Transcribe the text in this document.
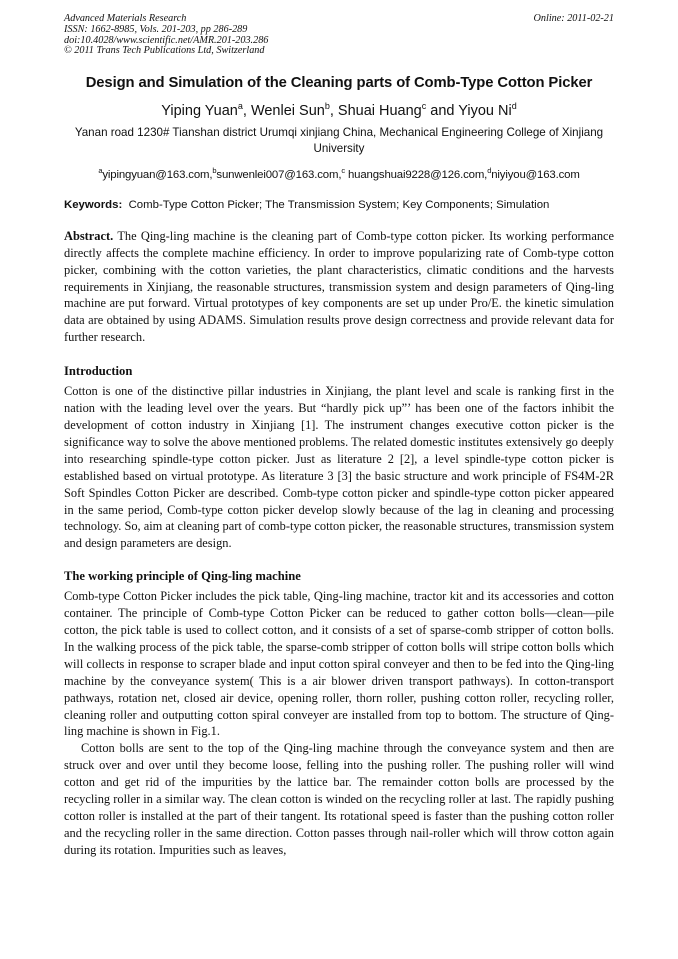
Advanced Materials Research	Online: 2011-02-21
ISSN: 1662-8985, Vols. 201-203, pp 286-289
doi:10.4028/www.scientific.net/AMR.201-203.286
© 2011 Trans Tech Publications Ltd, Switzerland
Design and Simulation of the Cleaning parts of Comb-Type Cotton Picker
Yiping Yuan$^a$, Wenlei Sun$^b$, Shuai Huang$^c$ and Yiyou Ni$^d$
Yanan road 1230# Tianshan district Urumqi xinjiang China, Mechanical Engineering College of Xinjiang University
$^a$yipingyuan@163.com,$^b$sunwenlei007@163.com,$^c$ huangshuai9228@126.com,$^d$niyiyou@163.com
Keywords: Comb-Type Cotton Picker; The Transmission System; Key Components; Simulation

Abstract. The Qing-ling machine is the cleaning part of Comb-type cotton picker. Its working performance directly affects the complete machine efficiency. In order to improve popularizing rate of Comb-type cotton picker, combining with the cotton varieties, the plant characteristics, climatic conditions and the harvests requirements in Xinjiang, the reasonable structures, transmission system and design parameters of Qing-ling machine are put forward. Virtual prototypes of key components are set up under Pro/E. the kinetic simulation data are obtained by using ADAMS. Simulation results prove design correctness and provide relevant data for further research.

Introduction

Cotton is one of the distinctive pillar industries in Xinjiang, the plant level and scale is ranking first in the nation with the leading level over the years. But “hardly pick up”’ has been one of the factors inhibit the development of cotton industry in Xinjiang [1]. The instrument changes executive cotton picker is the significance way to solve the above mentioned problems. The related domestic institutes extensively go deeply into researching spindle-type cotton picker. Just as literature 2 [2], a level spindle-type cotton picker is established based on virtual prototype. As literature 3 [3] the basic structure and work principle of FS4M-2R Soft Spindles Cotton Picker are described. Comb-type cotton picker and spindle-type cotton picker appeared in the same period, Comb-type cotton picker develop slowly because of the lag in cleaning and processing technology. So, aim at cleaning part of comb-type cotton picker, the reasonable structures, transmission system and design parameters are design.

The working principle of Qing-ling machine

Comb-type Cotton Picker includes the pick table, Qing-ling machine, tractor kit and its accessories and cotton container. The principle of Comb-type Cotton Picker can be reduced to gather cotton bolls—clean—pile cotton, the pick table is used to collect cotton, and it consists of a set of sparse-comb stripper of cotton bolls. In the walking process of the pick table, the sparse-comb stripper of cotton bolls will stripe cotton bolls which will collects in response to scraper blade and input cotton spiral conveyer and then to be fed into the Qing-ling machine by the conveyance system( This is a air blower driven transport pathways). In cotton-transport pathways, rotation net, closed air device, opening roller, thorn roller, pushing cotton roller, recycling roller, cleaning roller and outputting cotton spiral conveyer are installed from top to bottom. The structure of Qing-ling machine is shown in Fig.1.

Cotton bolls are sent to the top of the Qing-ling machine through the conveyance system and then are struck over and over until they become loose, felling into the pushing roller. The pushing roller will wind cotton and get rid of the impurities by the lattice bar. The remainder cotton bolls are processed by the recycling roller in a similar way. The clean cotton is winded on the recycling roller at last. The rapidly pushing cotton roller is installed at the part of their tangent. Its rotational speed is faster than the pushing cotton roller and the recycling roller in the same direction. Cotton passes through nail-roller which will throw cotton again during its rotation. Impurities such as leaves,
